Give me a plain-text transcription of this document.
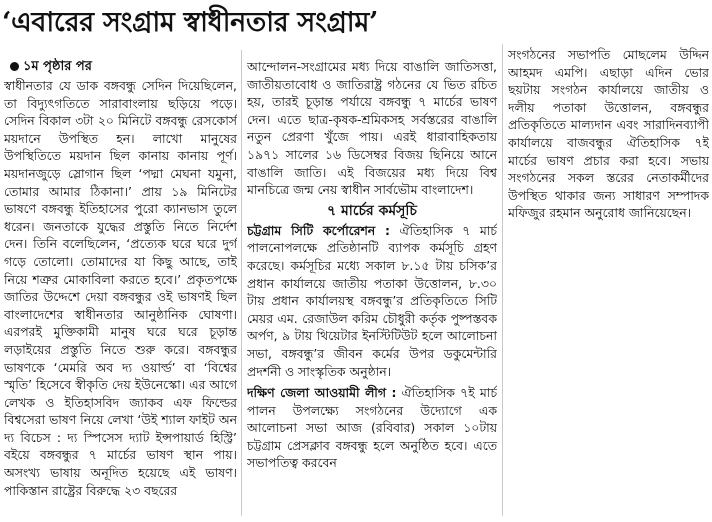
‘এবারের সংগ্রাম স্বাধীনতার সংগ্রাম’
১ম পৃষ্ঠার পর

স্বাধীনতার যে ডাক বঙ্গবন্ধু সেদিন দিয়েছিলেন, তা বিদ্যুৎগতিতে সারাবাংলায় ছড়িয়ে পড়ে। সেদিন বিকাল ৩টা ২০ মিনিটে বঙ্গবন্ধু রেসকোর্স ময়দানে উপস্থিত হন। লাখো মানুষের উপস্থিতিতে ময়দান ছিল কানায় কানায় পূর্ণ। ময়দানজুড়ে স্লোগান ছিল ‘পদ্মা মেঘনা যমুনা, তোমার আমার ঠিকানা।’ প্রায় ১৯ মিনিটের ভাষণে বঙ্গবন্ধু ইতিহাসের পুরো ক্যানভাস তুলে ধরেন। জনতাকে যুদ্ধের প্রস্তুতি নিতে নির্দেশ দেন। তিনি বলেছিলেন, ‘প্রত্যেক ঘরে ঘরে দুর্গ গড়ে তোলো। তোমাদের যা কিছু আছে, তাই নিয়ে শত্রুর মোকাবিলা করতে হবে।’ প্রকৃতপক্ষে জাতির উদ্দেশে দেয়া বঙ্গবন্ধুর ওই ভাষণই ছিল বাংলাদেশের স্বাধীনতার আনুষ্ঠানিক ঘোষণা। এরপরই মুক্তিকামী মানুষ ঘরে ঘরে চূড়ান্ত লড়াইয়ের প্রস্তুতি নিতে শুরু করে। বঙ্গবন্ধুর ভাষণকে ‘মেমরি অব দ্য ওয়ার্ল্ড’ বা ‘বিশ্বের স্মৃতি’ হিসেবে স্বীকৃতি দেয় ইউনেস্কো। এর আগে লেখক ও ইতিহাসবিদ জ্যাকব এফ ফিল্ডের বিশ্বসেরা ভাষণ নিয়ে লেখা ‘উই শ্যাল ফাইট অন দ্য বিচেস : দ্য স্পিসেস দ্যাট ইন্সপায়ার্ড হিস্ট্রি’ বইয়ে বঙ্গবন্ধুর ৭ মার্চের ভাষণ স্থান পায়। অসংখ্য ভাষায় অনূদিত হয়েছে এই ভাষণ। পাকিস্তান রাষ্ট্রের বিরুদ্ধে ২৩ বছরের

আন্দোলন-সংগ্রামের মধ্য দিয়ে বাঙালি জাতিসত্তা, জাতীয়তাবোধ ও জাতিরাষ্ট্র গঠনের যে ভিত রচিত হয়, তারই চূড়ান্ত পর্যায়ে বঙ্গবন্ধু ৭ মার্চের ভাষণ দেন। এতে ছাত্র-কৃষক-শ্রমিকসহ সর্বস্তরের বাঙালি নতুন প্রেরণা খুঁজে পায়। এরই ধারাবাহিকতায় ১৯৭১ সালের ১৬ ডিসেম্বর বিজয় ছিনিয়ে আনে বাঙালি জাতি। এই বিজয়ের মধ্য দিয়ে বিশ্ব মানচিত্রে জন্ম নেয় স্বাধীন সার্বভৌম বাংলাদেশ।

৭ মার্চের কর্মসূচি

চট্টগ্রাম সিটি কর্পোরেশন : ঐতিহাসিক ৭ মার্চ পালনোপলক্ষে প্রতিষ্ঠানটি ব্যাপক কর্মসূচি গ্রহণ করেছে। কর্মসূচির মধ্যে সকাল ৮.১৫ টায় চসিক’র প্রধান কার্যালয়ে জাতীয় পতাকা উত্তোলন, ৮.৩০ টায় প্রধান কার্যালয়স্থ বঙ্গবন্ধু’র প্রতিকৃতিতে সিটি মেয়র এম. রেজাউল করিম চৌধুরী কর্তৃক পুষ্পস্তবক অর্পণ, ৯ টায় থিয়েটার ইনস্টিটিউট হলে আলোচনা সভা, বঙ্গবন্ধু’র জীবন কর্মের উপর ডকুমেন্টারি প্রদর্শনী ও সাংস্কৃতিক অনুষ্ঠান।

দক্ষিণ জেলা আওয়ামী লীগ : ঐতিহাসিক ৭ই মার্চ পালন উপলক্ষ্যে সংগঠনের উদ্যোগে এক আলোচনা সভা আজ (রবিবার) সকাল ১০টায় চট্টগ্রাম প্রেসক্লাব বঙ্গবন্ধু হলে অনুষ্ঠিত হবে। এতে সভাপতিত্ব করবেন

সংগঠনের সভাপতি মোছলেম উদ্দিন আহমদ এমপি। এছাড়া এদিন ভোর ছয়টায় সংগঠন কার্যালয়ে জাতীয় ও দলীয় পতাকা উত্তোলন, বঙ্গবন্ধুর প্রতিকৃতিতে মাল্যদান এবং সারাদিনব্যাপী কার্যালয়ে বাজবন্ধুর ঐতিহাসিক ৭ই মার্চের ভাষণ প্রচার করা হবে। সভায় সংগঠনের সকল স্তরের নেতাকর্মীদের উপস্থিত থাকার জন্য সাধারণ সম্পাদক মফিজুর রহমান অনুরোধ জানিয়েছেন।
